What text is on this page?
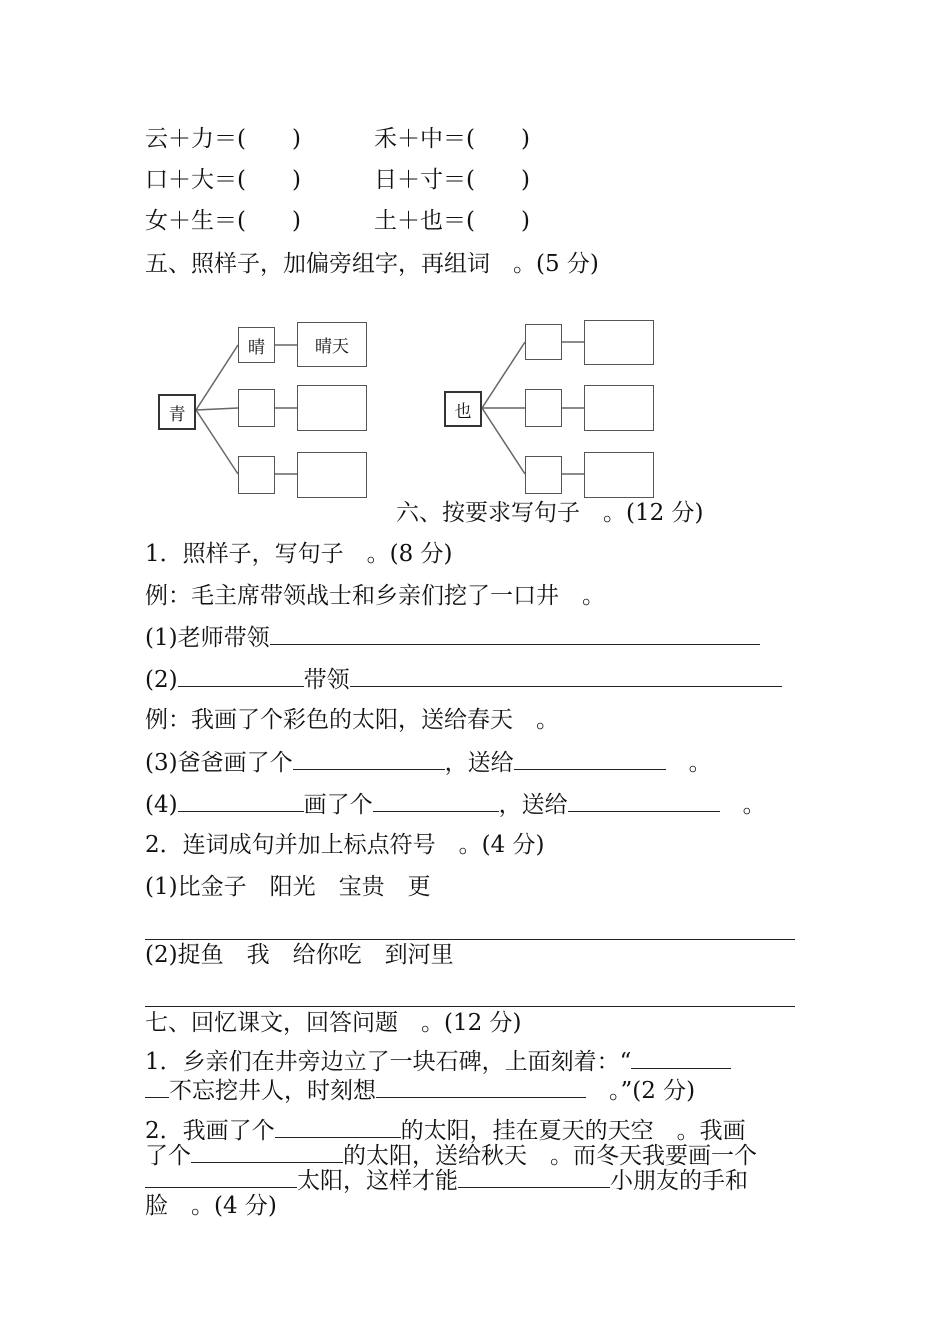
云＋力＝(　　)	禾＋中＝(　　)
口＋大＝(　　)	日＋寸＝(　　)
女＋生＝(　　)	土＋也＝(　　)
五、照样子，加偏旁组字，再组词　。(5 分)
青
晴	晴天
也
六、按要求写句子　。(12 分)
1．照样子，写句子　。(8 分)
例：毛主席带领战士和乡亲们挖了一口井　。
(1)老师带领
(2)	带领
例：我画了个彩色的太阳，送给春天　。
(3)爸爸画了个	，送给	　。
(4)	画了个	，送给	　。
2．连词成句并加上标点符号　。(4 分)
(1)比金子　阳光　宝贵　更
(2)捉鱼　我　给你吃　到河里
七、回忆课文，回答问题　。(12 分)
1．乡亲们在井旁边立了一块石碑，上面刻着：“
不忘挖井人，时刻想	　。”(2 分)
2．我画了个	的太阳，挂在夏天的天空　。我画
了个	的太阳，送给秋天　。而冬天我要画一个
太阳，这样才能	小朋友的手和
脸　。(4 分)
